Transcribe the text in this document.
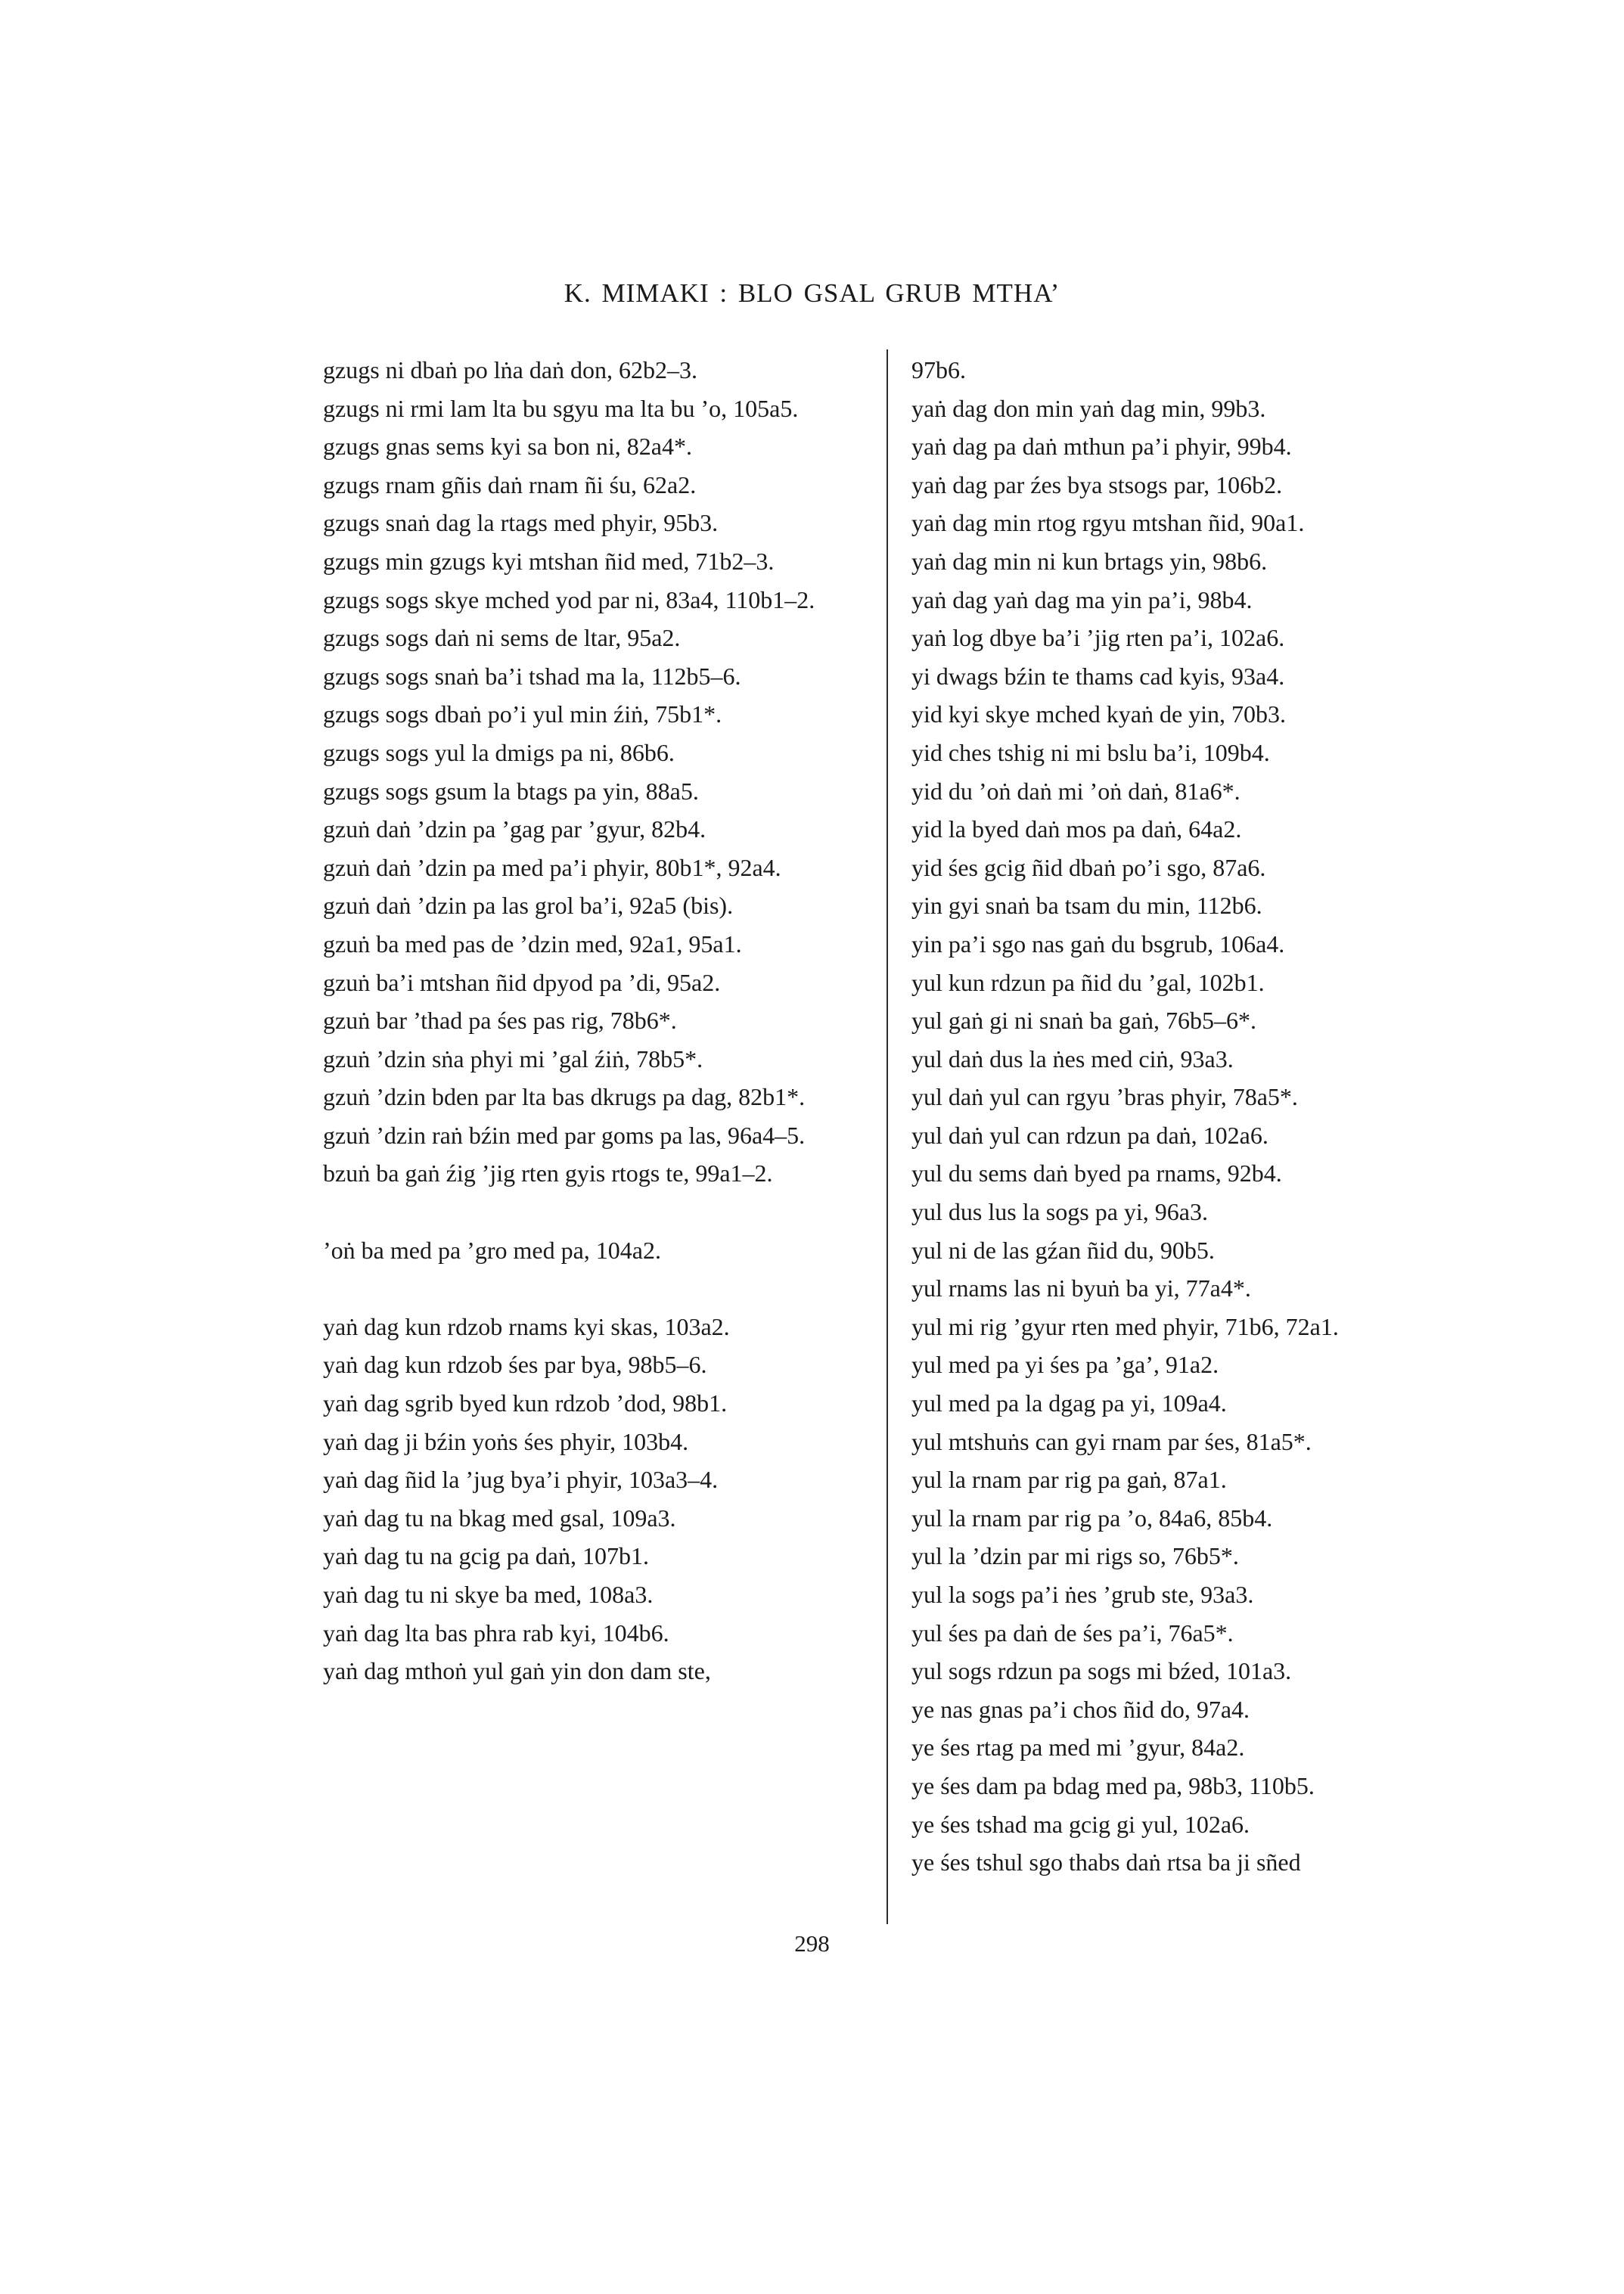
K. MIMAKI : BLO GSAL GRUB MTHA’
gzugs ni dbaṅ po lṅa daṅ don, 62b2–3.
gzugs ni rmi lam lta bu sgyu ma lta bu ’o, 105a5.
gzugs gnas sems kyi sa bon ni, 82a4*.
gzugs rnam gñis daṅ rnam ñi śu, 62a2.
gzugs snaṅ dag la rtags med phyir, 95b3.
gzugs min gzugs kyi mtshan ñid med, 71b2–3.
gzugs sogs skye mched yod par ni, 83a4, 110b1–2.
gzugs sogs daṅ ni sems de ltar, 95a2.
gzugs sogs snaṅ ba’i tshad ma la, 112b5–6.
gzugs sogs dbaṅ po’i yul min źiṅ, 75b1*.
gzugs sogs yul la dmigs pa ni, 86b6.
gzugs sogs gsum la btags pa yin, 88a5.
gzuṅ daṅ ’dzin pa ’gag par ’gyur, 82b4.
gzuṅ daṅ ’dzin pa med pa’i phyir, 80b1*, 92a4.
gzuṅ daṅ ’dzin pa las grol ba’i, 92a5 (bis).
gzuṅ ba med pas de ’dzin med, 92a1, 95a1.
gzuṅ ba’i mtshan ñid dpyod pa ’di, 95a2.
gzuṅ bar ’thad pa śes pas rig, 78b6*.
gzuṅ ’dzin sṅa phyi mi ’gal źiṅ, 78b5*.
gzuṅ ’dzin bden par lta bas dkrugs pa dag, 82b1*.
gzuṅ ’dzin raṅ bźin med par goms pa las, 96a4–5.
bzuṅ ba gaṅ źig ’jig rten gyis rtogs te, 99a1–2.
’oṅ ba med pa ’gro med pa, 104a2.
yaṅ dag kun rdzob rnams kyi skas, 103a2.
yaṅ dag kun rdzob śes par bya, 98b5–6.
yaṅ dag sgrib byed kun rdzob ’dod, 98b1.
yaṅ dag ji bźin yoṅs śes phyir, 103b4.
yaṅ dag ñid la ’jug bya’i phyir, 103a3–4.
yaṅ dag tu na bkag med gsal, 109a3.
yaṅ dag tu na gcig pa daṅ, 107b1.
yaṅ dag tu ni skye ba med, 108a3.
yaṅ dag lta bas phra rab kyi, 104b6.
yaṅ dag mthoṅ yul gaṅ yin don dam ste,
97b6.
yaṅ dag don min yaṅ dag min, 99b3.
yaṅ dag pa daṅ mthun pa’i phyir, 99b4.
yaṅ dag par źes bya stsogs par, 106b2.
yaṅ dag min rtog rgyu mtshan ñid, 90a1.
yaṅ dag min ni kun brtags yin, 98b6.
yaṅ dag yaṅ dag ma yin pa’i, 98b4.
yaṅ log dbye ba’i ’jig rten pa’i, 102a6.
yi dwags bźin te thams cad kyis, 93a4.
yid kyi skye mched kyaṅ de yin, 70b3.
yid ches tshig ni mi bslu ba’i, 109b4.
yid du ’oṅ daṅ mi ’oṅ daṅ, 81a6*.
yid la byed daṅ mos pa daṅ, 64a2.
yid śes gcig ñid dbaṅ po’i sgo, 87a6.
yin gyi snaṅ ba tsam du min, 112b6.
yin pa’i sgo nas gaṅ du bsgrub, 106a4.
yul kun rdzun pa ñid du ’gal, 102b1.
yul gaṅ gi ni snaṅ ba gaṅ, 76b5–6*.
yul daṅ dus la ṅes med ciṅ, 93a3.
yul daṅ yul can rgyu ’bras phyir, 78a5*.
yul daṅ yul can rdzun pa daṅ, 102a6.
yul du sems daṅ byed pa rnams, 92b4.
yul dus lus la sogs pa yi, 96a3.
yul ni de las gźan ñid du, 90b5.
yul rnams las ni byuṅ ba yi, 77a4*.
yul mi rig ’gyur rten med phyir, 71b6, 72a1.
yul med pa yi śes pa ’ga’, 91a2.
yul med pa la dgag pa yi, 109a4.
yul mtshuṅs can gyi rnam par śes, 81a5*.
yul la rnam par rig pa gaṅ, 87a1.
yul la rnam par rig pa ’o, 84a6, 85b4.
yul la ’dzin par mi rigs so, 76b5*.
yul la sogs pa’i ṅes ’grub ste, 93a3.
yul śes pa daṅ de śes pa’i, 76a5*.
yul sogs rdzun pa sogs mi bźed, 101a3.
ye nas gnas pa’i chos ñid do, 97a4.
ye śes rtag pa med mi ’gyur, 84a2.
ye śes dam pa bdag med pa, 98b3, 110b5.
ye śes tshad ma gcig gi yul, 102a6.
ye śes tshul sgo thabs daṅ rtsa ba ji sñed
298
